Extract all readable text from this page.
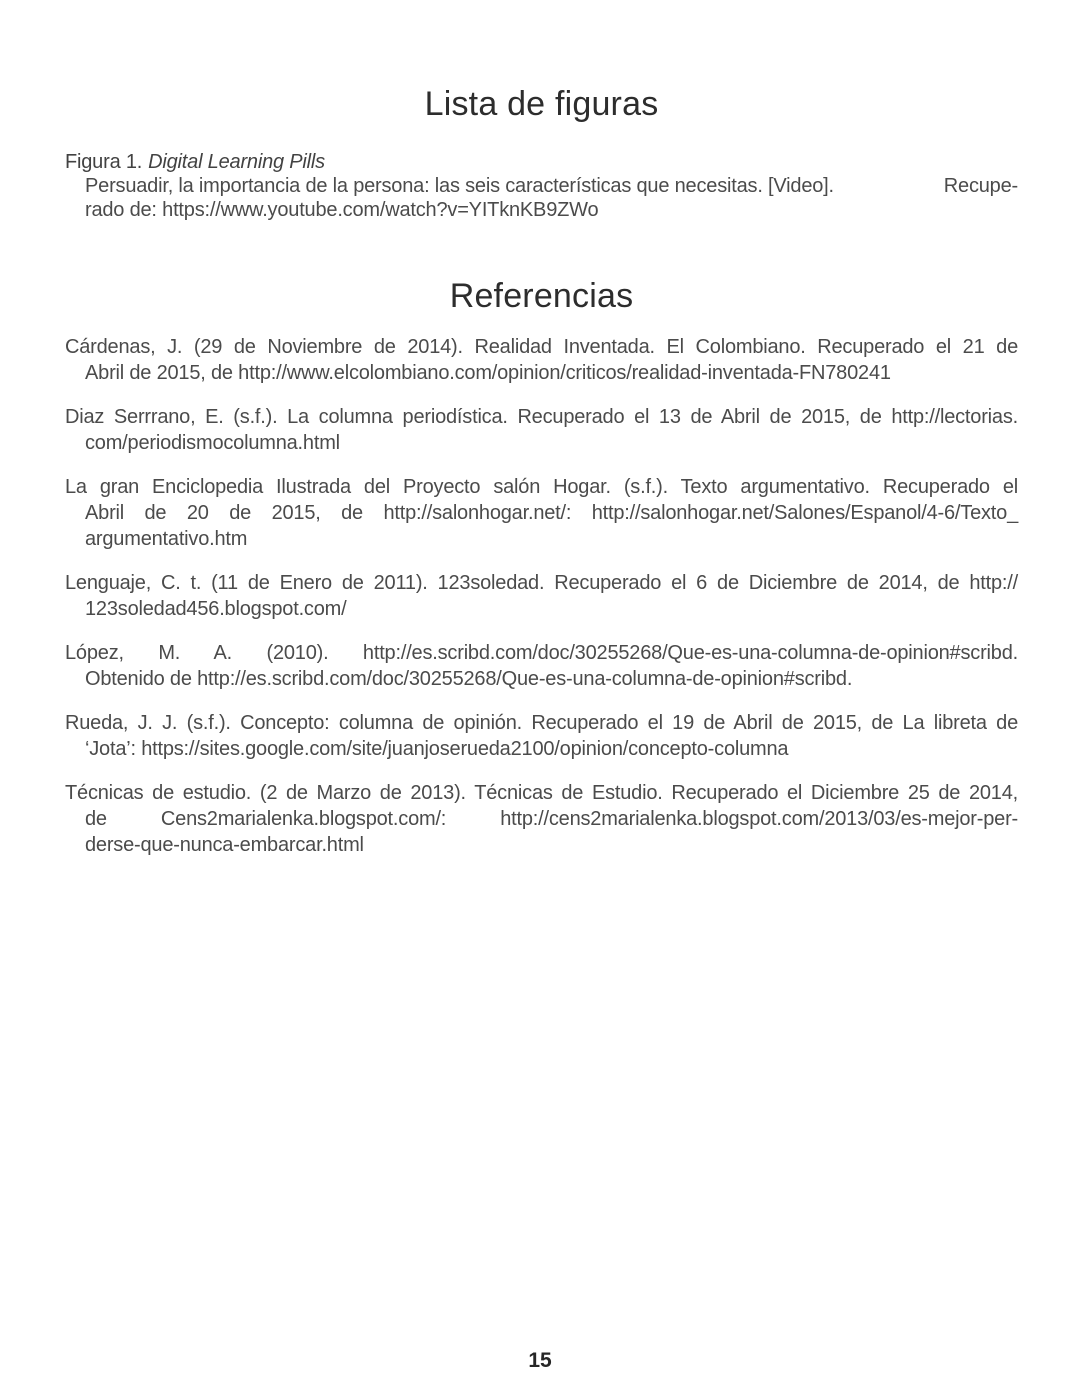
Lista de figuras
Figura 1. Digital Learning Pills
Persuadir, la importancia de la persona: las seis características que necesitas. [Video].	Recupe-
rado de: https://www.youtube.com/watch?v=YITknKB9ZWo
Referencias
Cárdenas, J. (29 de Noviembre de 2014). Realidad Inventada. El Colombiano. Recuperado el 21 de
Abril de 2015, de http://www.elcolombiano.com/opinion/criticos/realidad-inventada-FN780241
Diaz Serrrano, E. (s.f.). La columna periodística. Recuperado el 13 de Abril de 2015, de http://lectorias.
com/periodismocolumna.html
La gran Enciclopedia Ilustrada del Proyecto salón Hogar. (s.f.). Texto argumentativo. Recuperado el
Abril de 20 de 2015, de http://salonhogar.net/: http://salonhogar.net/Salones/Espanol/4-6/Texto_
argumentativo.htm
Lenguaje, C. t. (11 de Enero de 2011). 123soledad. Recuperado el 6 de Diciembre de 2014, de http://
123soledad456.blogspot.com/
López, M. A. (2010). http://es.scribd.com/doc/30255268/Que-es-una-columna-de-opinion#scribd.
Obtenido de http://es.scribd.com/doc/30255268/Que-es-una-columna-de-opinion#scribd.
Rueda, J. J. (s.f.). Concepto: columna de opinión. Recuperado el 19 de Abril de 2015, de La libreta de
‘Jota’: https://sites.google.com/site/juanjoserueda2100/opinion/concepto-columna
Técnicas de estudio. (2 de Marzo de 2013). Técnicas de Estudio. Recuperado el Diciembre 25 de 2014,
de Cens2marialenka.blogspot.com/: http://cens2marialenka.blogspot.com/2013/03/es-mejor-per-
derse-que-nunca-embarcar.html
15
